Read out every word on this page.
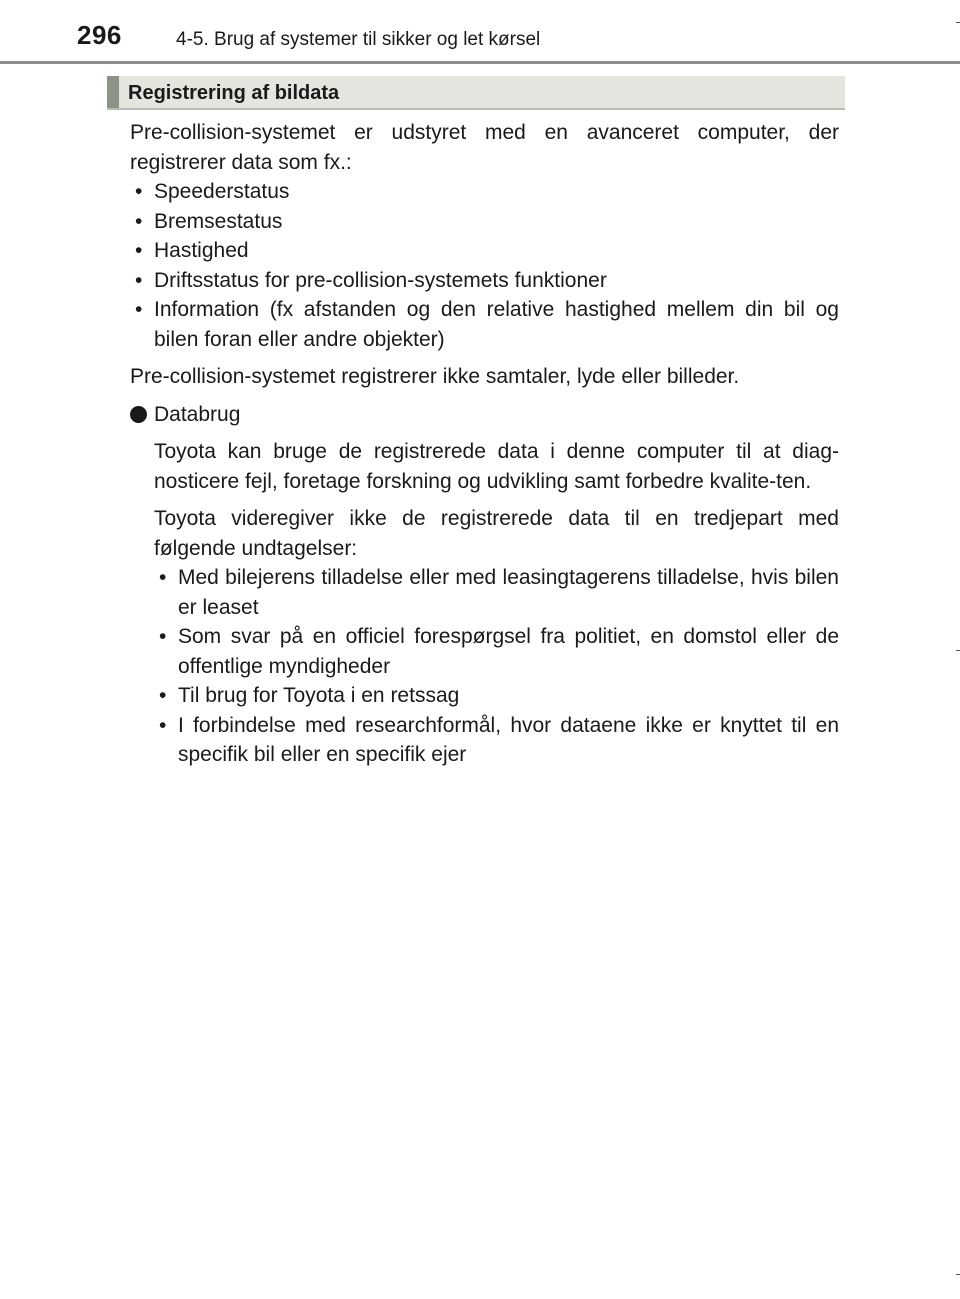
296	4-5. Brug af systemer til sikker og let kørsel
Registrering af bildata

Pre-collision-systemet er udstyret med en avanceret computer, der registrerer data som fx.:

• Speederstatus
• Bremsestatus
• Hastighed
• Driftsstatus for pre-collision-systemets funktioner
• Information (fx afstanden og den relative hastighed mellem din bil og bilen foran eller andre objekter)

Pre-collision-systemet registrerer ikke samtaler, lyde eller billeder.

Databrug

Toyota kan bruge de registrerede data i denne computer til at diag-nosticere fejl, foretage forskning og udvikling samt forbedre kvalite-ten.

Toyota videregiver ikke de registrerede data til en tredjepart med følgende undtagelser:

• Med bilejerens tilladelse eller med leasingtagerens tilladelse, hvis bilen er leaset
• Som svar på en officiel forespørgsel fra politiet, en domstol eller de offentlige myndigheder
• Til brug for Toyota i en retssag
• I forbindelse med researchformål, hvor dataene ikke er knyttet til en specifik bil eller en specifik ejer
